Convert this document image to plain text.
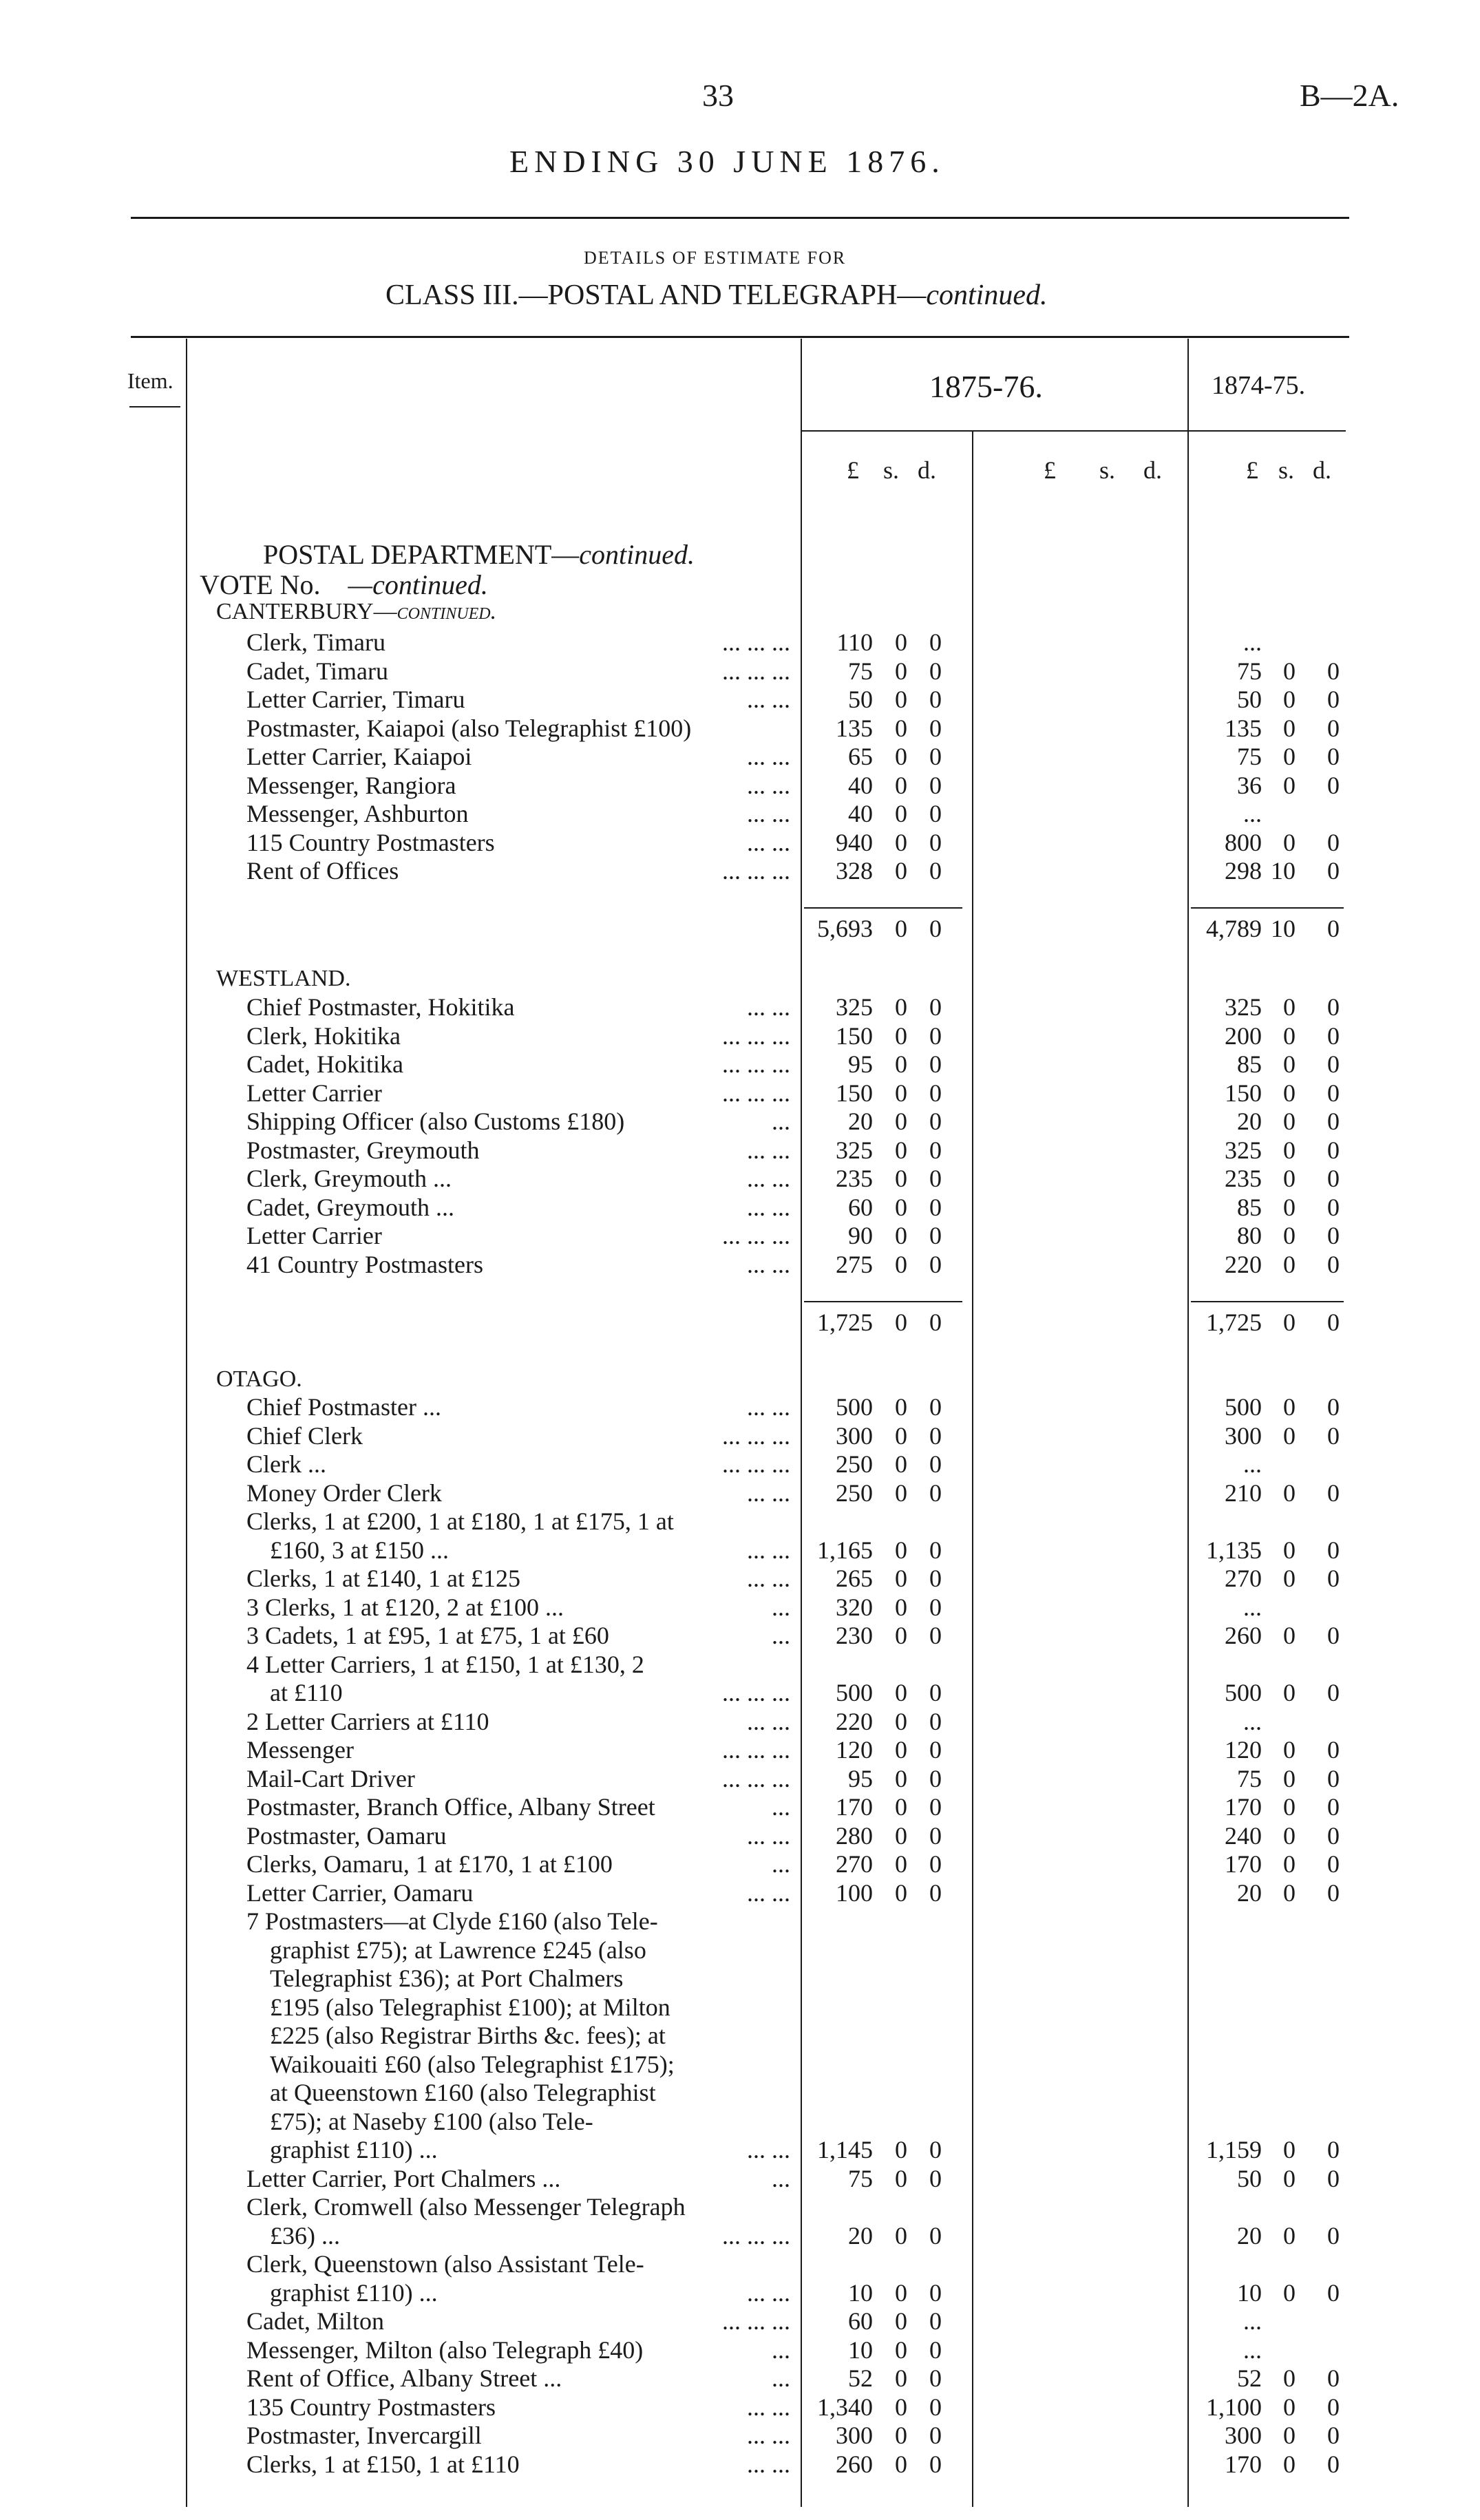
33	B—2A.
ENDING 30 JUNE 1876.
DETAILS OF ESTIMATE FOR
CLASS III.—POSTAL AND TELEGRAPH—continued.
Item.	1875-76.	1874-75.
£ s. d.	£ s. d.	£ s. d.
POSTAL DEPARTMENT—continued.
VOTE No. —continued.
CANTERBURY—continued.
Clerk, Timaru	... ... ... 110 0 0	...
Cadet, Timaru	... ... ... 75 0 0	75 0 0
Letter Carrier, Timaru	... ... 50 0 0	50 0 0
Postmaster, Kaiapoi (also Telegraphist £100)	135 0 0	135 0 0
Letter Carrier, Kaiapoi	... ... 65 0 0	75 0 0
Messenger, Rangiora	... ... 40 0 0	36 0 0
Messenger, Ashburton	... ... 40 0 0	...
115 Country Postmasters	... ... 940 0 0	800 0 0
Rent of Offices	... ... ... 328 0 0	298 10 0
5,693 0 0	4,789 10 0
WESTLAND.
Chief Postmaster, Hokitika	... ... 325 0 0	325 0 0
Clerk, Hokitika	... ... ... 150 0 0	200 0 0
Cadet, Hokitika	... ... ... 95 0 0	85 0 0
Letter Carrier	... ... ... 150 0 0	150 0 0
Shipping Officer (also Customs £180)	... 20 0 0	20 0 0
Postmaster, Greymouth	... ... 325 0 0	325 0 0
Clerk, Greymouth ...	... ... 235 0 0	235 0 0
Cadet, Greymouth ...	... ... 60 0 0	85 0 0
Letter Carrier	... ... ... 90 0 0	80 0 0
41 Country Postmasters	... ... 275 0 0	220 0 0
1,725 0 0	1,725 0 0
OTAGO.
Chief Postmaster ...	... ... 500 0 0	500 0 0
Chief Clerk	... ... ... 300 0 0	300 0 0
Clerk ...	... ... ... 250 0 0	...
Money Order Clerk	... ... 250 0 0	210 0 0
Clerks, 1 at £200, 1 at £180, 1 at £175, 1 at
£160, 3 at £150 ...	... ... 1,165 0 0	1,135 0 0
Clerks, 1 at £140, 1 at £125	... ... 265 0 0	270 0 0
3 Clerks, 1 at £120, 2 at £100 ...	... 320 0 0	...
3 Cadets, 1 at £95, 1 at £75, 1 at £60	... 230 0 0	260 0 0
4 Letter Carriers, 1 at £150, 1 at £130, 2
at £110	... ... ... 500 0 0	500 0 0
2 Letter Carriers at £110	... ... 220 0 0	...
Messenger	... ... ... 120 0 0	120 0 0
Mail-Cart Driver	... ... ... 95 0 0	75 0 0
Postmaster, Branch Office, Albany Street	... 170 0 0	170 0 0
Postmaster, Oamaru	... ... 280 0 0	240 0 0
Clerks, Oamaru, 1 at £170, 1 at £100	... 270 0 0	170 0 0
Letter Carrier, Oamaru	... ... 100 0 0	20 0 0
7 Postmasters—at Clyde £160 (also Tele-
graphist £75); at Lawrence £245 (also
Telegraphist £36); at Port Chalmers
£195 (also Telegraphist £100); at Milton
£225 (also Registrar Births &c. fees); at
Waikouaiti £60 (also Telegraphist £175);
at Queenstown £160 (also Telegraphist
£75); at Naseby £100 (also Tele-
graphist £110) ...	... ... 1,145 0 0	1,159 0 0
Letter Carrier, Port Chalmers ...	... 75 0 0	50 0 0
Clerk, Cromwell (also Messenger Telegraph
£36) ...	... ... ... 20 0 0	20 0 0
Clerk, Queenstown (also Assistant Tele-
graphist £110) ...	... ... 10 0 0	10 0 0
Cadet, Milton	... ... ... 60 0 0	...
Messenger, Milton (also Telegraph £40)	... 10 0 0	...
Rent of Office, Albany Street ...	... 52 0 0	52 0 0
135 Country Postmasters	... ... 1,340 0 0	1,100 0 0
Postmaster, Invercargill	... ... 300 0 0	300 0 0
Clerks, 1 at £150, 1 at £110	... ... 260 0 0	170 0 0
